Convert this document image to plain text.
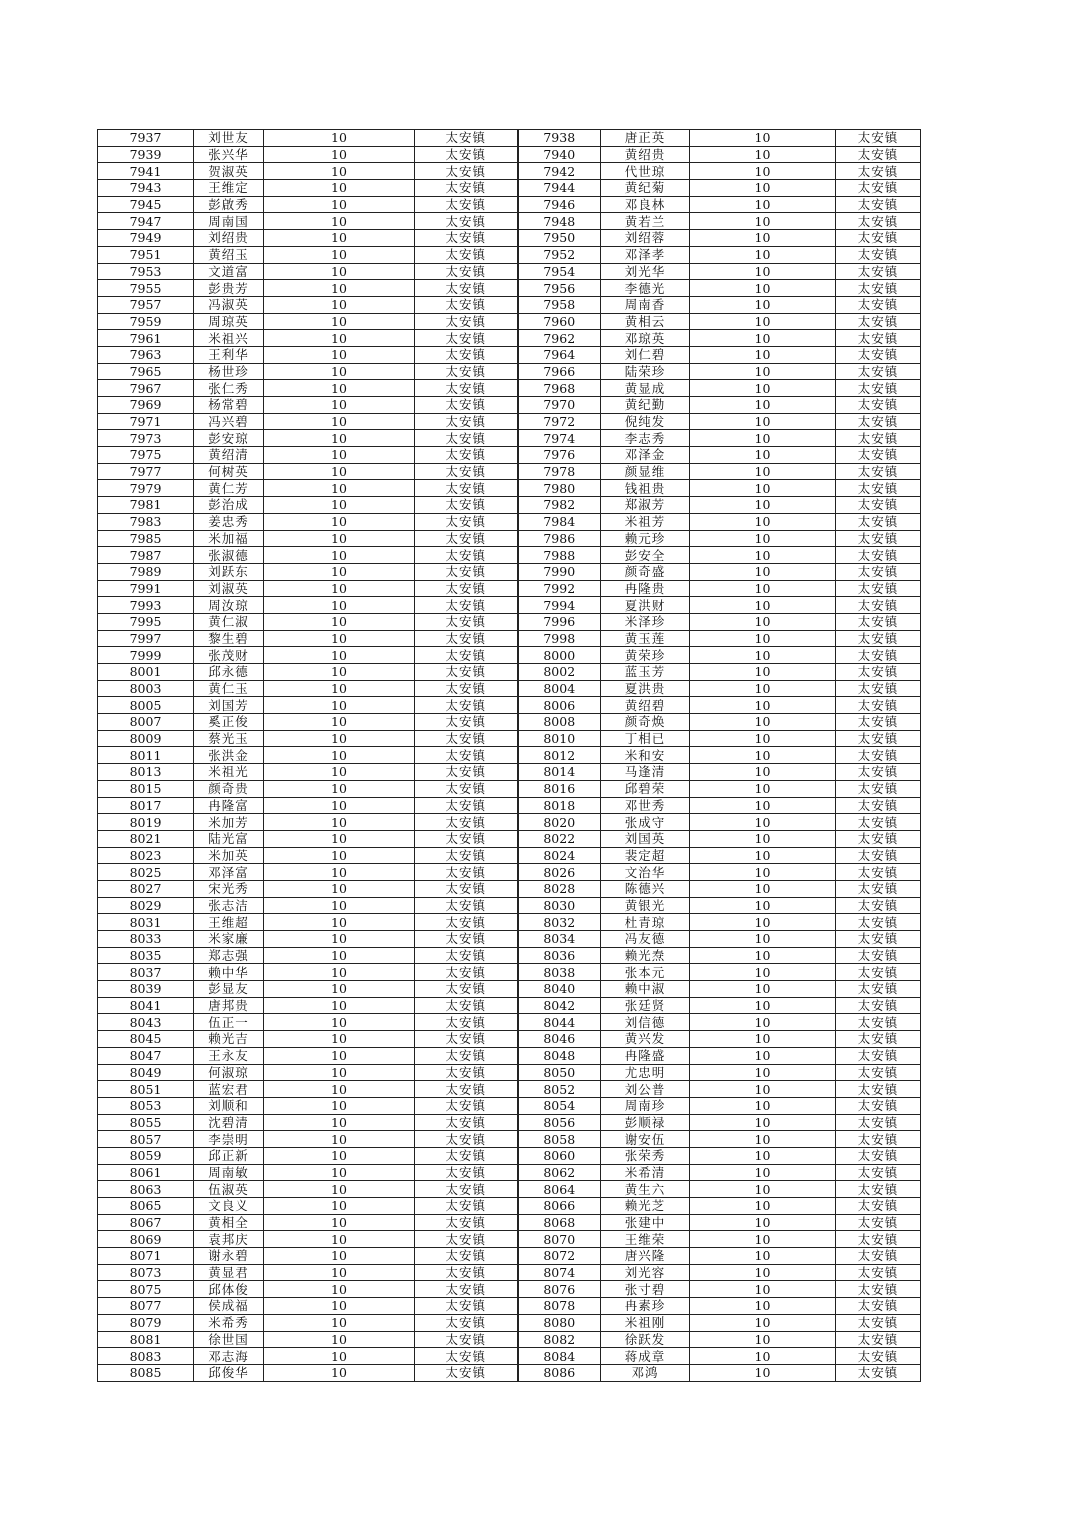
7937	刘世友	10	太安镇	7938	唐正英	10	太安镇
7939	张兴华	10	太安镇	7940	黄绍贵	10	太安镇
7941	贺淑英	10	太安镇	7942	代世琼	10	太安镇
7943	王维定	10	太安镇	7944	黄纪菊	10	太安镇
7945	彭啟秀	10	太安镇	7946	邓良林	10	太安镇
7947	周南国	10	太安镇	7948	黄若兰	10	太安镇
7949	刘绍贵	10	太安镇	7950	刘绍蓉	10	太安镇
7951	黄绍玉	10	太安镇	7952	邓泽孝	10	太安镇
7953	文道富	10	太安镇	7954	刘光华	10	太安镇
7955	彭贵芳	10	太安镇	7956	李德光	10	太安镇
7957	冯淑英	10	太安镇	7958	周南香	10	太安镇
7959	周琼英	10	太安镇	7960	黄相云	10	太安镇
7961	米祖兴	10	太安镇	7962	邓琼英	10	太安镇
7963	王利华	10	太安镇	7964	刘仁碧	10	太安镇
7965	杨世珍	10	太安镇	7966	陆荣珍	10	太安镇
7967	张仁秀	10	太安镇	7968	黄显成	10	太安镇
7969	杨常碧	10	太安镇	7970	黄纪勤	10	太安镇
7971	冯兴碧	10	太安镇	7972	倪纯发	10	太安镇
7973	彭安琼	10	太安镇	7974	李志秀	10	太安镇
7975	黄绍清	10	太安镇	7976	邓泽金	10	太安镇
7977	何树英	10	太安镇	7978	颜显维	10	太安镇
7979	黄仁芳	10	太安镇	7980	钱祖贵	10	太安镇
7981	彭治成	10	太安镇	7982	郑淑芳	10	太安镇
7983	姜忠秀	10	太安镇	7984	米祖芳	10	太安镇
7985	米加福	10	太安镇	7986	赖元珍	10	太安镇
7987	张淑德	10	太安镇	7988	彭安全	10	太安镇
7989	刘跃东	10	太安镇	7990	颜奇盛	10	太安镇
7991	刘淑英	10	太安镇	7992	冉隆贵	10	太安镇
7993	周汝琼	10	太安镇	7994	夏洪财	10	太安镇
7995	黄仁淑	10	太安镇	7996	米泽珍	10	太安镇
7997	黎生碧	10	太安镇	7998	黄玉莲	10	太安镇
7999	张茂财	10	太安镇	8000	黄荣珍	10	太安镇
8001	邱永德	10	太安镇	8002	蓝玉芳	10	太安镇
8003	黄仁玉	10	太安镇	8004	夏洪贵	10	太安镇
8005	刘国芳	10	太安镇	8006	黄绍碧	10	太安镇
8007	奚正俊	10	太安镇	8008	颜奇焕	10	太安镇
8009	蔡光玉	10	太安镇	8010	丁相已	10	太安镇
8011	张洪金	10	太安镇	8012	米和安	10	太安镇
8013	米祖光	10	太安镇	8014	马逢清	10	太安镇
8015	颜奇贵	10	太安镇	8016	邱碧荣	10	太安镇
8017	冉隆富	10	太安镇	8018	邓世秀	10	太安镇
8019	米加芳	10	太安镇	8020	张成守	10	太安镇
8021	陆光富	10	太安镇	8022	刘国英	10	太安镇
8023	米加英	10	太安镇	8024	裴定超	10	太安镇
8025	邓泽富	10	太安镇	8026	文治华	10	太安镇
8027	宋光秀	10	太安镇	8028	陈德兴	10	太安镇
8029	张志洁	10	太安镇	8030	黄银光	10	太安镇
8031	王维超	10	太安镇	8032	杜青琼	10	太安镇
8033	米家廉	10	太安镇	8034	冯友德	10	太安镇
8035	郑志强	10	太安镇	8036	赖光焘	10	太安镇
8037	赖中华	10	太安镇	8038	张本元	10	太安镇
8039	彭显友	10	太安镇	8040	赖中淑	10	太安镇
8041	唐邦贵	10	太安镇	8042	张廷贤	10	太安镇
8043	伍正一	10	太安镇	8044	刘信德	10	太安镇
8045	赖光吉	10	太安镇	8046	黄兴发	10	太安镇
8047	王永友	10	太安镇	8048	冉隆盛	10	太安镇
8049	何淑琼	10	太安镇	8050	尤忠明	10	太安镇
8051	蓝宏君	10	太安镇	8052	刘公普	10	太安镇
8053	刘顺和	10	太安镇	8054	周南珍	10	太安镇
8055	沈碧清	10	太安镇	8056	彭顺禄	10	太安镇
8057	李崇明	10	太安镇	8058	谢安伍	10	太安镇
8059	邱正新	10	太安镇	8060	张荣秀	10	太安镇
8061	周南敏	10	太安镇	8062	米希清	10	太安镇
8063	伍淑英	10	太安镇	8064	黄生六	10	太安镇
8065	文良义	10	太安镇	8066	赖光芝	10	太安镇
8067	黄相全	10	太安镇	8068	张建中	10	太安镇
8069	袁邦庆	10	太安镇	8070	王维荣	10	太安镇
8071	谢永碧	10	太安镇	8072	唐兴隆	10	太安镇
8073	黄显君	10	太安镇	8074	刘光容	10	太安镇
8075	邱体俊	10	太安镇	8076	张寸碧	10	太安镇
8077	侯成福	10	太安镇	8078	冉素珍	10	太安镇
8079	米希秀	10	太安镇	8080	米祖刚	10	太安镇
8081	徐世国	10	太安镇	8082	徐跃发	10	太安镇
8083	邓志海	10	太安镇	8084	蒋成章	10	太安镇
8085	邱俊华	10	太安镇	8086	邓鸿	10	太安镇
